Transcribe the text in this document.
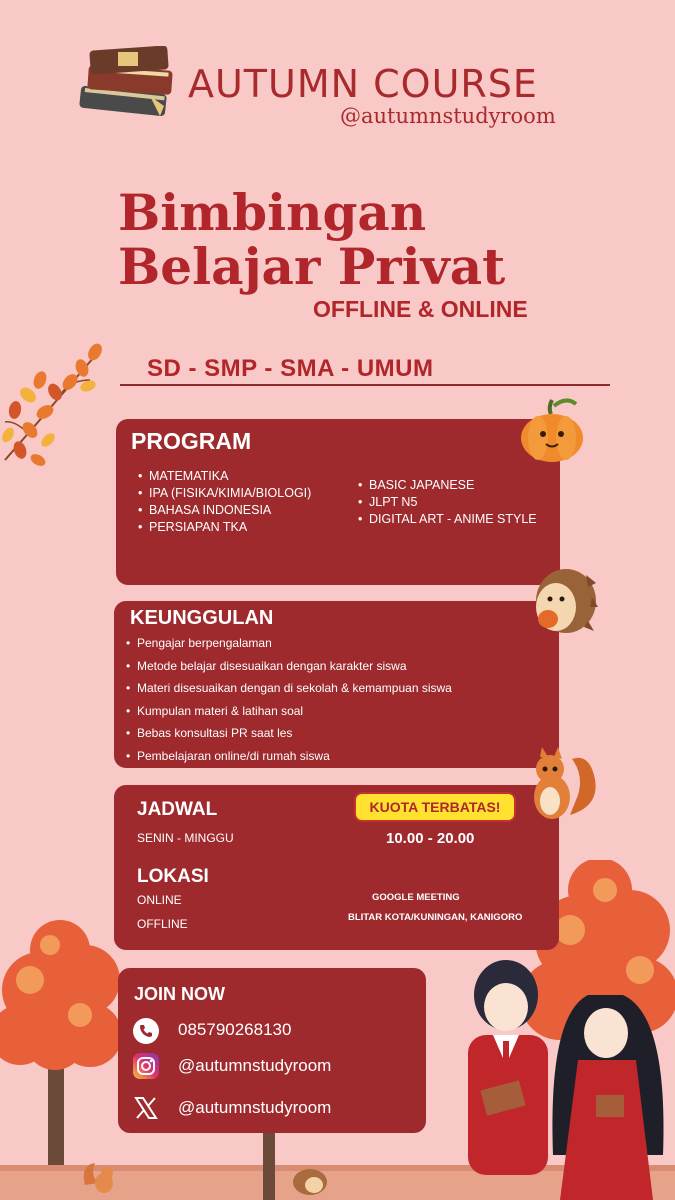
AUTUMN COURSE
@autumnstudyroom
Bimbingan
Belajar Privat
OFFLINE & ONLINE
SD - SMP - SMA - UMUM
PROGRAM
• MATEMATIKA
• IPA (FISIKA/KIMIA/BIOLOGI)
• BAHASA INDONESIA
• PERSIAPAN TKA
• BASIC JAPANESE
• JLPT N5
• DIGITAL ART - ANIME STYLE
KEUNGGULAN
• Pengajar berpengalaman
• Metode belajar disesuaikan dengan karakter siswa
• Materi disesuaikan dengan di sekolah & kemampuan siswa
• Kumpulan materi & latihan soal
• Bebas konsultasi PR saat les
• Pembelajaran online/di rumah siswa
JADWAL
SENIN - MINGGU
KUOTA TERBATAS!
10.00 - 20.00
LOKASI
ONLINE
OFFLINE
GOOGLE MEETING
BLITAR KOTA/KUNINGAN, KANIGORO
JOIN NOW
085790268130
@autumnstudyroom
@autumnstudyroom
